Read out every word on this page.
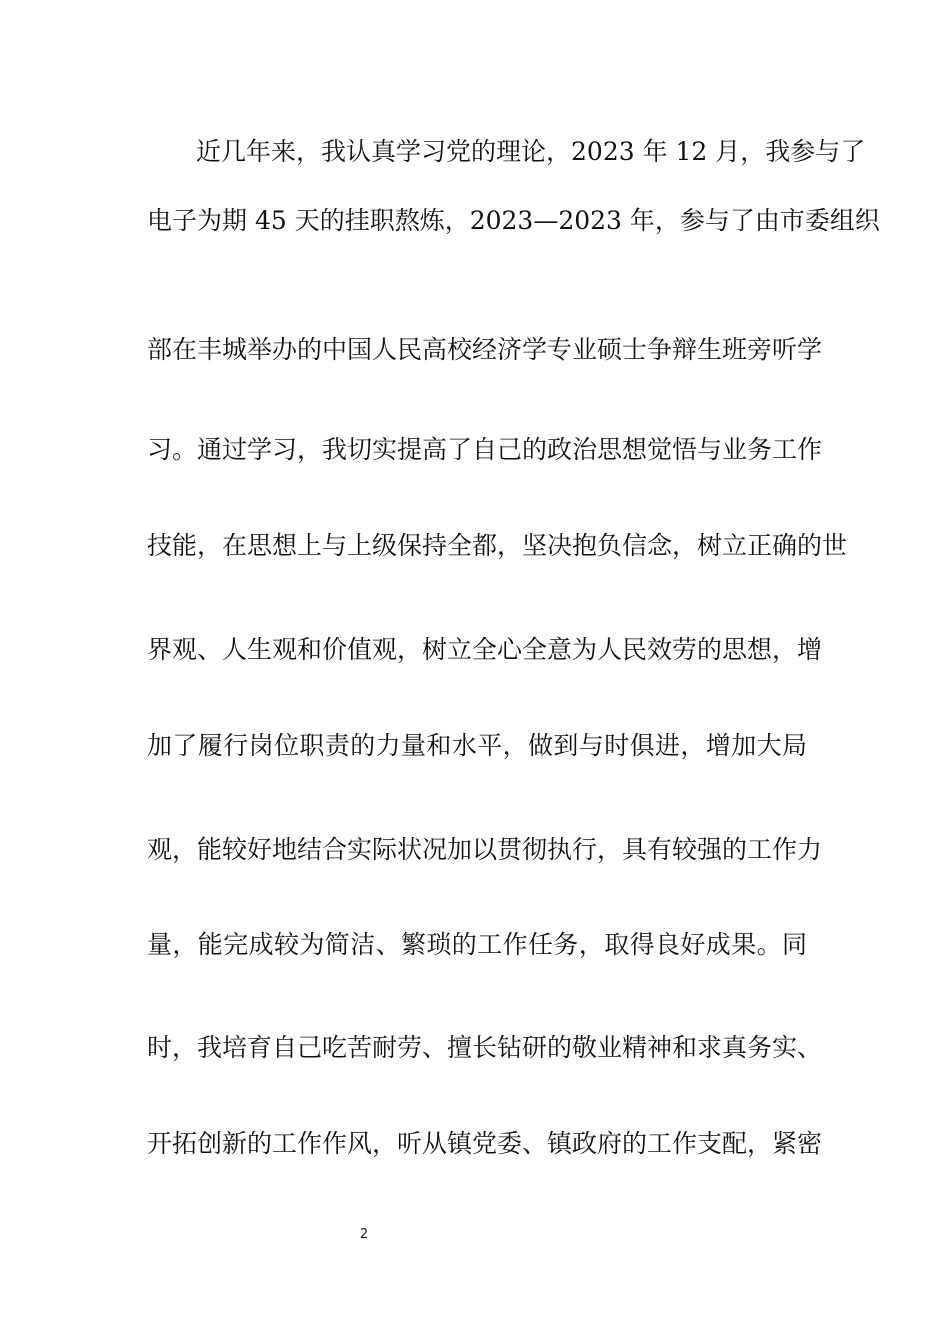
近几年来，我认真学习党的理论，2023 年 12 月，我参与了
电子为期 45 天的挂职熬炼，2023—2023 年，参与了由市委组织
部在丰城举办的中国人民高校经济学专业硕士争辩生班旁听学
习。通过学习，我切实提高了自己的政治思想觉悟与业务工作
技能，在思想上与上级保持全都，坚决抱负信念，树立正确的世
界观、人生观和价值观，树立全心全意为人民效劳的思想，增
加了履行岗位职责的力量和水平，做到与时俱进，增加大局
观，能较好地结合实际状况加以贯彻执行，具有较强的工作力
量，能完成较为简洁、繁琐的工作任务，取得良好成果。同
时，我培育自己吃苦耐劳、擅长钻研的敬业精神和求真务实、
开拓创新的工作作风，听从镇党委、镇政府的工作支配，紧密
2
